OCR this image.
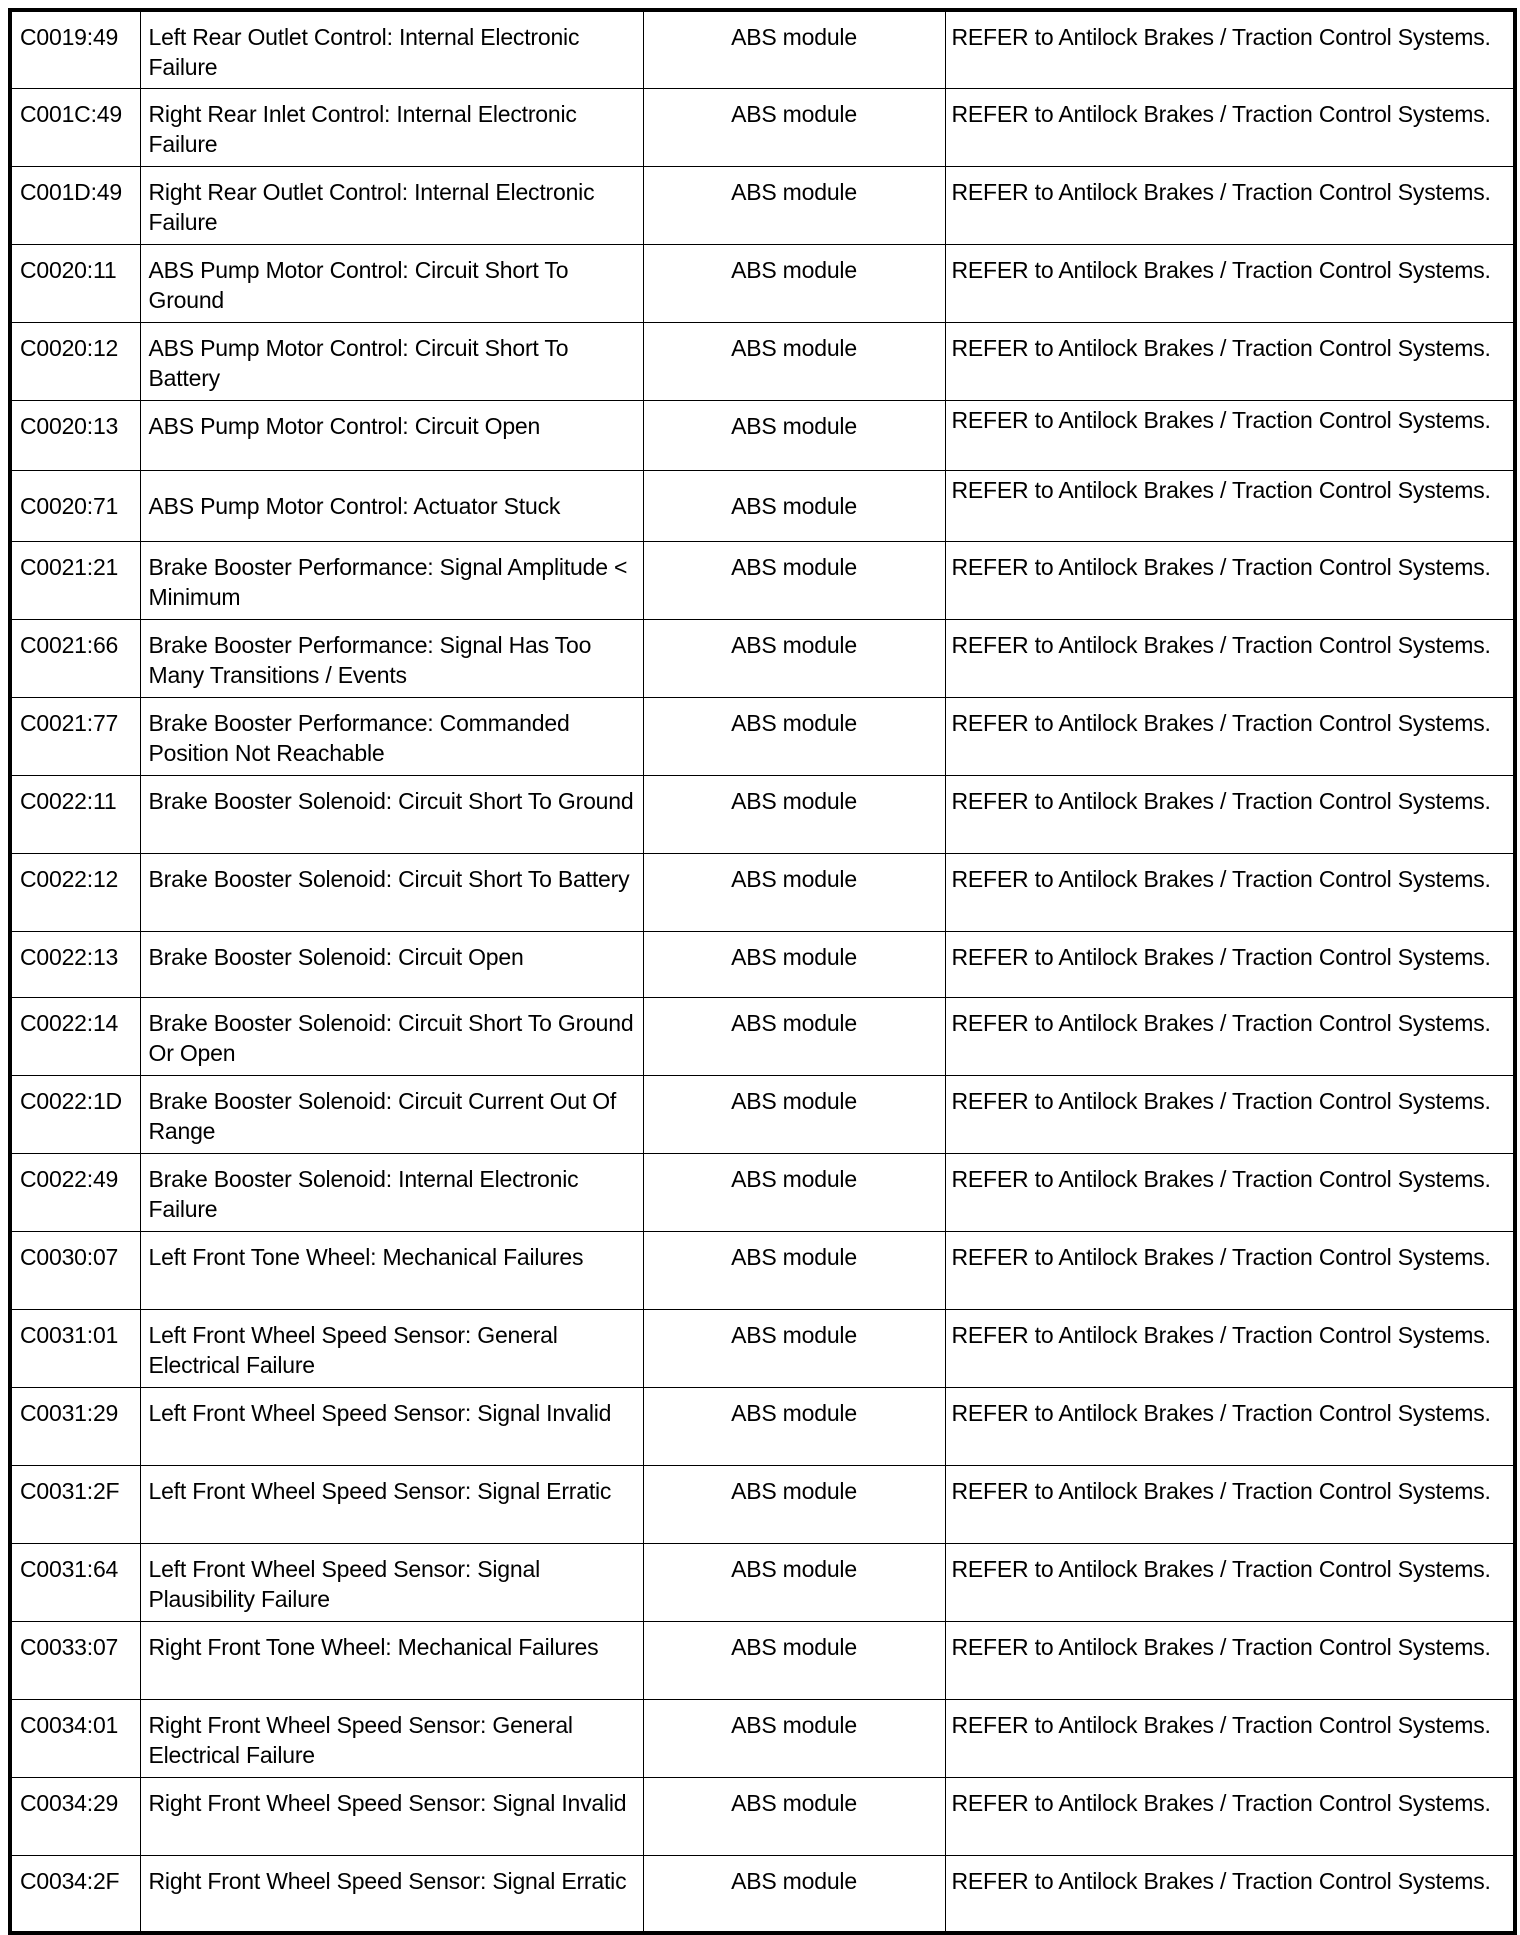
C0019:49	Left Rear Outlet Control: Internal Electronic Failure	ABS module	REFER to Antilock Brakes / Traction Control Systems.
C001C:49	Right Rear Inlet Control: Internal Electronic Failure	ABS module	REFER to Antilock Brakes / Traction Control Systems.
C001D:49	Right Rear Outlet Control: Internal Electronic Failure	ABS module	REFER to Antilock Brakes / Traction Control Systems.
C0020:11	ABS Pump Motor Control: Circuit Short To Ground	ABS module	REFER to Antilock Brakes / Traction Control Systems.
C0020:12	ABS Pump Motor Control: Circuit Short To Battery	ABS module	REFER to Antilock Brakes / Traction Control Systems.
C0020:13	ABS Pump Motor Control: Circuit Open	ABS module	REFER to Antilock Brakes / Traction Control Systems.
C0020:71	ABS Pump Motor Control: Actuator Stuck	ABS module	REFER to Antilock Brakes / Traction Control Systems.
C0021:21	Brake Booster Performance: Signal Amplitude < Minimum	ABS module	REFER to Antilock Brakes / Traction Control Systems.
C0021:66	Brake Booster Performance: Signal Has Too Many Transitions / Events	ABS module	REFER to Antilock Brakes / Traction Control Systems.
C0021:77	Brake Booster Performance: Commanded Position Not Reachable	ABS module	REFER to Antilock Brakes / Traction Control Systems.
C0022:11	Brake Booster Solenoid: Circuit Short To Ground	ABS module	REFER to Antilock Brakes / Traction Control Systems.
C0022:12	Brake Booster Solenoid: Circuit Short To Battery	ABS module	REFER to Antilock Brakes / Traction Control Systems.
C0022:13	Brake Booster Solenoid: Circuit Open	ABS module	REFER to Antilock Brakes / Traction Control Systems.
C0022:14	Brake Booster Solenoid: Circuit Short To Ground Or Open	ABS module	REFER to Antilock Brakes / Traction Control Systems.
C0022:1D	Brake Booster Solenoid: Circuit Current Out Of Range	ABS module	REFER to Antilock Brakes / Traction Control Systems.
C0022:49	Brake Booster Solenoid: Internal Electronic Failure	ABS module	REFER to Antilock Brakes / Traction Control Systems.
C0030:07	Left Front Tone Wheel: Mechanical Failures	ABS module	REFER to Antilock Brakes / Traction Control Systems.
C0031:01	Left Front Wheel Speed Sensor: General Electrical Failure	ABS module	REFER to Antilock Brakes / Traction Control Systems.
C0031:29	Left Front Wheel Speed Sensor: Signal Invalid	ABS module	REFER to Antilock Brakes / Traction Control Systems.
C0031:2F	Left Front Wheel Speed Sensor: Signal Erratic	ABS module	REFER to Antilock Brakes / Traction Control Systems.
C0031:64	Left Front Wheel Speed Sensor: Signal Plausibility Failure	ABS module	REFER to Antilock Brakes / Traction Control Systems.
C0033:07	Right Front Tone Wheel: Mechanical Failures	ABS module	REFER to Antilock Brakes / Traction Control Systems.
C0034:01	Right Front Wheel Speed Sensor: General Electrical Failure	ABS module	REFER to Antilock Brakes / Traction Control Systems.
C0034:29	Right Front Wheel Speed Sensor: Signal Invalid	ABS module	REFER to Antilock Brakes / Traction Control Systems.
C0034:2F	Right Front Wheel Speed Sensor: Signal Erratic	ABS module	REFER to Antilock Brakes / Traction Control Systems.
